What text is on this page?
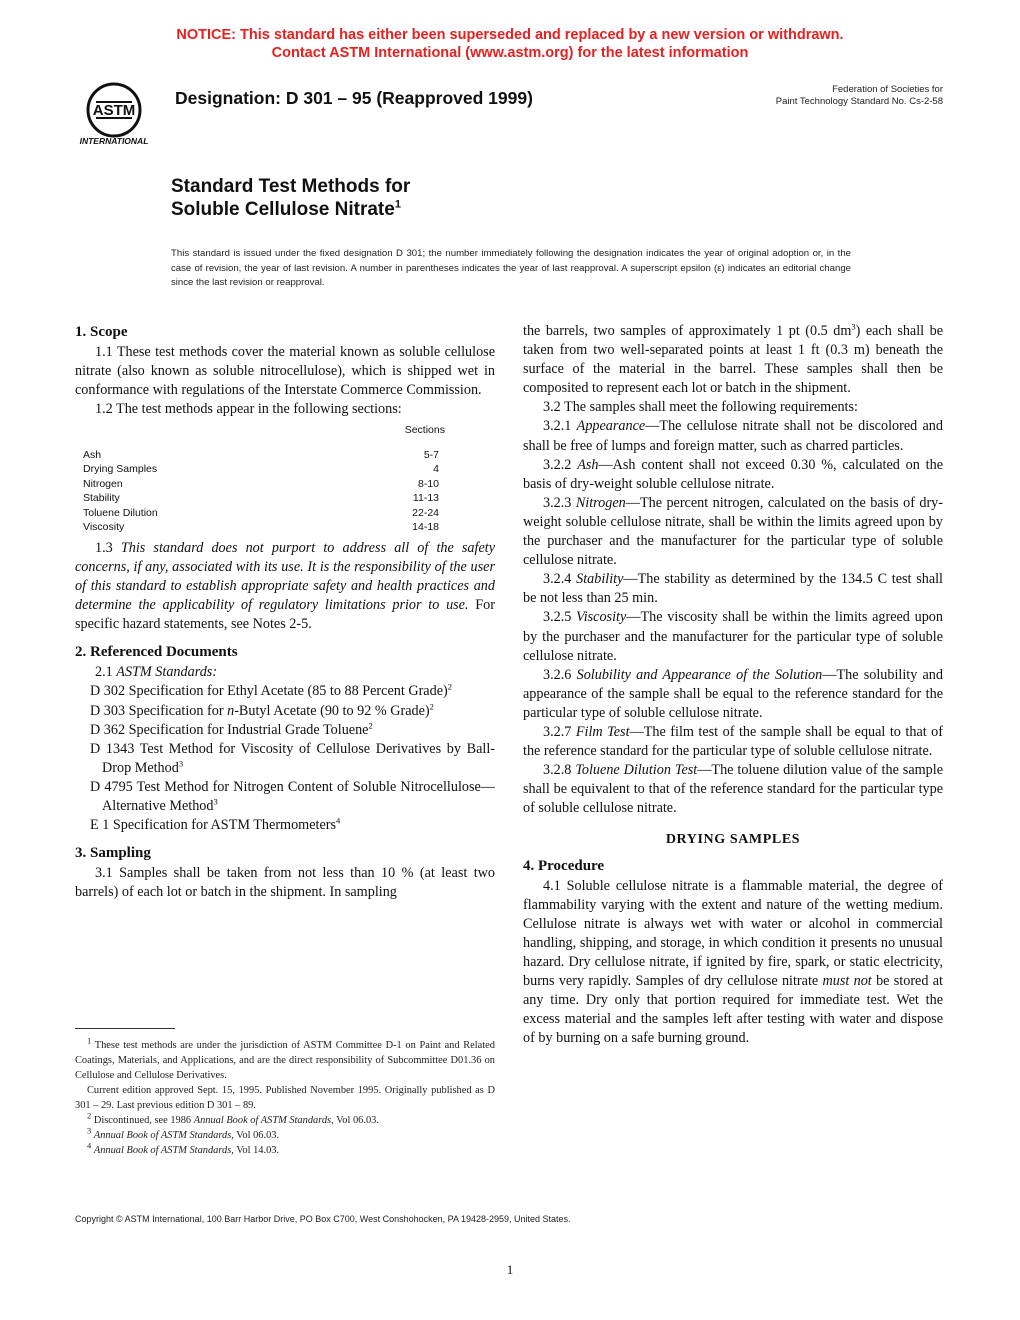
NOTICE: This standard has either been superseded and replaced by a new version or withdrawn.
Contact ASTM International (www.astm.org) for the latest information
ASTM
INTERNATIONAL
Designation: D 301 – 95 (Reapproved 1999)	Federation of Societies for
Paint Technology Standard No. Cs-2-58
Standard Test Methods for
Soluble Cellulose Nitrate$^1$
This standard is issued under the fixed designation D 301; the number immediately following the designation indicates the year of original adoption or, in the case of revision, the year of last revision. A number in parentheses indicates the year of last reapproval. A superscript epsilon (ε) indicates an editorial change since the last revision or reapproval.
1. Scope

1.1 These test methods cover the material known as soluble cellulose nitrate (also known as soluble nitrocellulose), which is shipped wet in conformance with regulations of the Interstate Commerce Commission.

1.2 The test methods appear in the following sections:

	Sections
Ash	5-7
Drying Samples	4
Nitrogen	8-10
Stability	11-13
Toluene Dilution	22-24
Viscosity	14-18

1.3 This standard does not purport to address all of the safety concerns, if any, associated with its use. It is the responsibility of the user of this standard to establish appropriate safety and health practices and determine the applicability of regulatory limitations prior to use. For specific hazard statements, see Notes 2-5.

2. Referenced Documents

2.1 ASTM Standards:

D 302 Specification for Ethyl Acetate (85 to 88 Percent Grade)$^2$

D 303 Specification for n-Butyl Acetate (90 to 92 % Grade)$^2$

D 362 Specification for Industrial Grade Toluene$^2$

D 1343 Test Method for Viscosity of Cellulose Derivatives by Ball-Drop Method$^3$

D 4795 Test Method for Nitrogen Content of Soluble Nitrocellulose—Alternative Method$^3$

E 1 Specification for ASTM Thermometers$^4$

3. Sampling

3.1 Samples shall be taken from not less than 10 % (at least two barrels) of each lot or batch in the shipment. In sampling

$^1$ These test methods are under the jurisdiction of ASTM Committee D-1 on Paint and Related Coatings, Materials, and Applications, and are the direct responsibility of Subcommittee D01.36 on Cellulose and Cellulose Derivatives.

Current edition approved Sept. 15, 1995. Published November 1995. Originally published as D 301 – 29. Last previous edition D 301 – 89.

$^2$ Discontinued, see 1986 Annual Book of ASTM Standards, Vol 06.03.

$^3$ Annual Book of ASTM Standards, Vol 06.03.

$^4$ Annual Book of ASTM Standards, Vol 14.03.

the barrels, two samples of approximately 1 pt (0.5 $dm^3$) each shall be taken from two well-separated points at least 1 ft (0.3 m) beneath the surface of the material in the barrel. These samples shall then be composited to represent each lot or batch in the shipment.

3.2 The samples shall meet the following requirements:

3.2.1 Appearance—The cellulose nitrate shall not be discolored and shall be free of lumps and foreign matter, such as charred particles.

3.2.2 Ash—Ash content shall not exceed 0.30 %, calculated on the basis of dry-weight soluble cellulose nitrate.

3.2.3 Nitrogen—The percent nitrogen, calculated on the basis of dry-weight soluble cellulose nitrate, shall be within the limits agreed upon by the purchaser and the manufacturer for the particular type of soluble cellulose nitrate.

3.2.4 Stability—The stability as determined by the 134.5 C test shall be not less than 25 min.

3.2.5 Viscosity—The viscosity shall be within the limits agreed upon by the purchaser and the manufacturer for the particular type of soluble cellulose nitrate.

3.2.6 Solubility and Appearance of the Solution—The solubility and appearance of the sample shall be equal to the reference standard for the particular type of soluble cellulose nitrate.

3.2.7 Film Test—The film test of the sample shall be equal to that of the reference standard for the particular type of soluble cellulose nitrate.

3.2.8 Toluene Dilution Test—The toluene dilution value of the sample shall be equivalent to that of the reference standard for the particular type of soluble cellulose nitrate.

DRYING SAMPLES
4. Procedure

4.1 Soluble cellulose nitrate is a flammable material, the degree of flammability varying with the extent and nature of the wetting medium. Cellulose nitrate is always wet with water or alcohol in commercial handling, shipping, and storage, in which condition it presents no unusual hazard. Dry cellulose nitrate, if ignited by fire, spark, or static electricity, burns very rapidly. Samples of dry cellulose nitrate must not be stored at any time. Dry only that portion required for immediate test. Wet the excess material and the samples left after testing with water and dispose of by burning on a safe burning ground.

Copyright © ASTM International, 100 Barr Harbor Drive, PO Box C700, West Conshohocken, PA 19428-2959, United States.
1
